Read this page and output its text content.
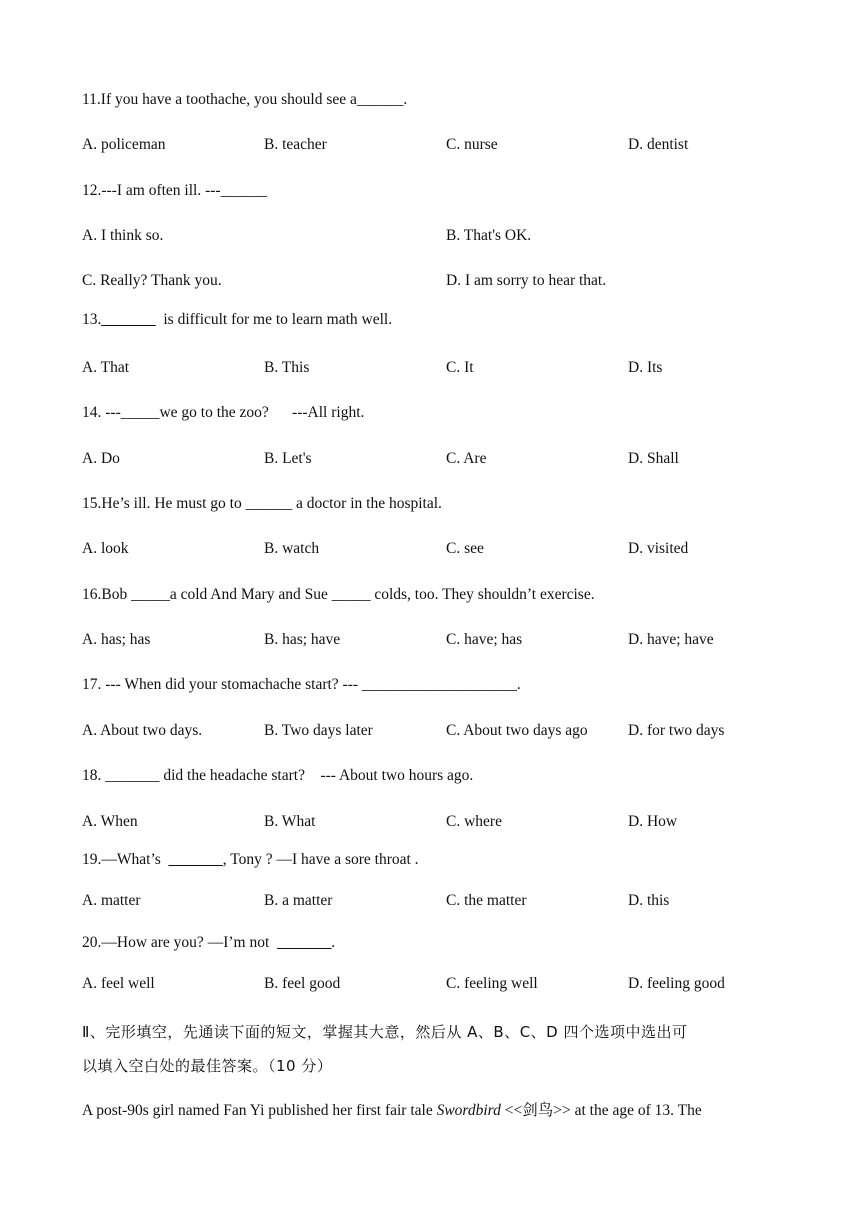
11.If you have a toothache, you should see a______.
A. policeman	B. teacher	C. nurse	D. dentist
12.---I am often ill. ---______
A. I think so.	B. That's OK.
C. Really? Thank you.	D. I am sorry to hear that.
13._______  is difficult for me to learn math well.
A. That	B. This	C. It	D. Its
14. ---_____we go to the zoo?      ---All right.
A. Do	B. Let's	C. Are	D. Shall
15.He’s ill. He must go to ______ a doctor in the hospital.
A. look	B. watch	C. see	D. visited
16.Bob _____a cold And Mary and Sue _____ colds, too. They shouldn’t exercise.
A. has; has	B. has; have	C. have; has	D. have; have
17. --- When did your stomachache start? --- ____________________.
A. About two days.	B. Two days later	C. About two days ago	D. for two days
18. _______ did the headache start?    --- About two hours ago.
A. When	B. What	C. where	D. How
19.—What’s  _______, Tony ? —I have a sore throat .
A. matter	B. a matter	C. the matter	D. this
20.—How are you? —I’m not  _______.
A. feel well	B. feel good	C. feeling well	D. feeling good
Ⅱ、完形填空，先通读下面的短文，掌握其大意，然后从 A、B、C、D 四个选项中选出可
以填入空白处的最佳答案。（10 分）
A post-90s girl named Fan Yi published her first fair tale Swordbird <<剑鸟>> at the age of 13. The
